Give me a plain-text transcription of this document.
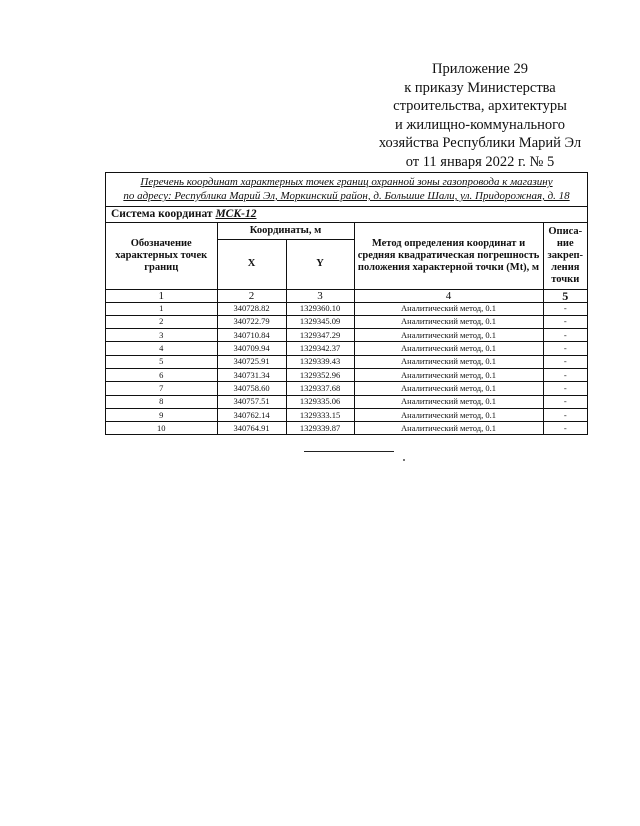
Приложение 29
к приказу Министерства
строительства, архитектуры
и жилищно-коммунального
хозяйства Республики Марий Эл
от 11 января 2022 г. № 5
Перечень координат характерных точек границ охранной зоны газопровода к магазину
по адресу: Республика Марий Эл, Моркинский район, д. Большие Шали, ул. Придорожная, д. 18
Система координат МСК-12
Обозначение характерных точек границ	Координаты, м		Метод определения координат и средняя квадратическая погрешность положения характерной точки (Mt), м	Описа-ние закреп-ления точки
	X	Y		
1	2	3	4	5
1	340728.82	1329360.10	Аналитический метод, 0.1	-
2	340722.79	1329345.09	Аналитический метод, 0.1	-
3	340710.84	1329347.29	Аналитический метод, 0.1	-
4	340709.94	1329342.37	Аналитический метод, 0.1	-
5	340725.91	1329339.43	Аналитический метод, 0.1	-
6	340731.34	1329352.96	Аналитический метод, 0.1	-
7	340758.60	1329337.68	Аналитический метод, 0.1	-
8	340757.51	1329335.06	Аналитический метод, 0.1	-
9	340762.14	1329333.15	Аналитический метод, 0.1	-
10	340764.91	1329339.87	Аналитический метод, 0.1	-
